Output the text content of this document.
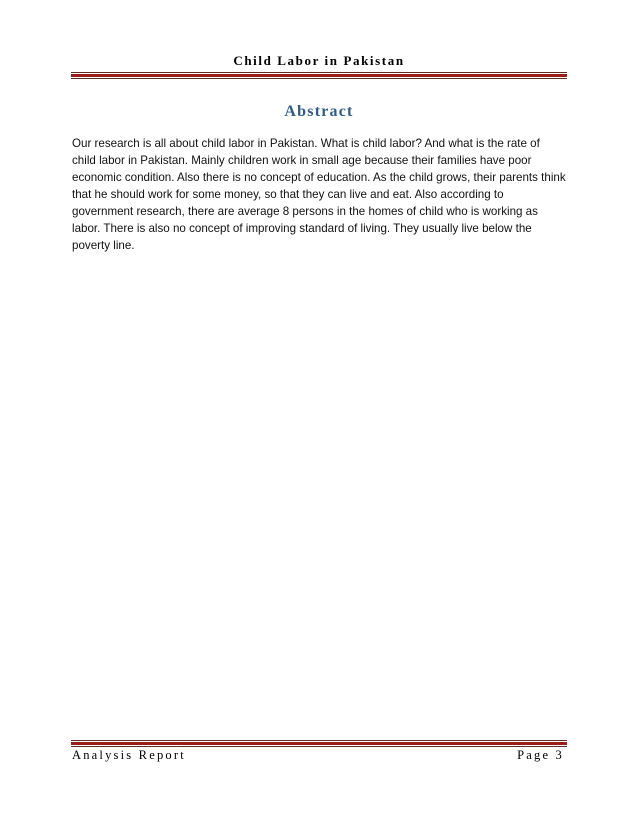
Child Labor in Pakistan
Abstract

Our research is all about child labor in Pakistan. What is child labor? And what is the rate of child labor in Pakistan. Mainly children work in small age because their families have poor economic condition. Also there is no concept of education. As the child grows, their parents think that he should work for some money, so that they can live and eat. Also according to government research, there are average 8 persons in the homes of child who is working as labor. There is also no concept of improving standard of living. They usually live below the poverty line.

Analysis Report	Page 3
